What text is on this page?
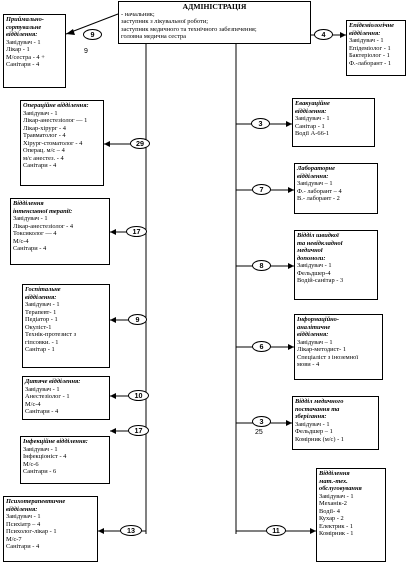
АДМІНІСТРАЦІЯ
- начальник;
заступник з лікувальної роботи;
заступник медичного та технічного забезпечення;
головна медична сестра
Приймально-
сортувальне
відділення:
Завідувач - 1
Лікар - 1
М/сестра - 4 +
Санітари - 4
9
9
Епідеміологічне
відділення:
Завідувач - 1
Епідеміолог - 1
Бактеріолог - 1
Ф.-лаборант - 1
4
Операційне відділення:
Завідувач - 1
Лікар-анестезіолог — 1
Лікар-хірург - 4
Травматолог - 4
Хірург-стоматолог - 4
Операц. м/с – 4
м/с анестез. - 4
Санітари - 4
29
Евакуаційне
відділення:
Завідувач - 1
Санітар - 1
Водії А-66-1
3
Відділення
інтенсивної терапії:
Завідувач - 1
Лікар-анестезіолог - 4
Токсиколог — 4
М/с-4
Санітари - 4
17
Лабораторне
відділення:
Завідувач – 1
Ф.- лаборант – 4
В.- лаборант - 2
7
Відділ швидкої
та невідкладної
медичної
допомоги:
Завідувач - 1
Фельдшер-4
Водій-санітар - 3
8
Госпітальне
відділення:
Завідувач - 1
Терапевт- 1
Педіатор - 1
Окуліст-1
Технік-протезист з
гіпсовки. - 1
Санітар - 1
9	Інформаційно-
аналітичне
відділення:
Завідувач – 1
Лікар-методист- 1
Спеціаліст з іноземної
мови - 4
6
Дитяче відділення:
Завідувач - 1
Анестезіолог - 1
М/с-4
Санітари - 4
10
Відділ медичного
постачання та
зберігання:
Завідувач - 1
Фельдшер – 1
Комірник (м/с) - 1
3
25
Інфекційне відділення:
Завідувач - 1
Інфекціоніст - 4
М/с-6
Санітари - 6
17
Психотерапевтичне
відділення:
Завідувач - 1
Психіатр – 4
Психолог-лікар - 1
М/с-7
Санітари - 4
13
Відділення
мат.-тех.
обслуговування
Завідувач - 1
Механік-2
Водії- 4
Кухар - 2
Електрик - 1
Комірник - 1
11
